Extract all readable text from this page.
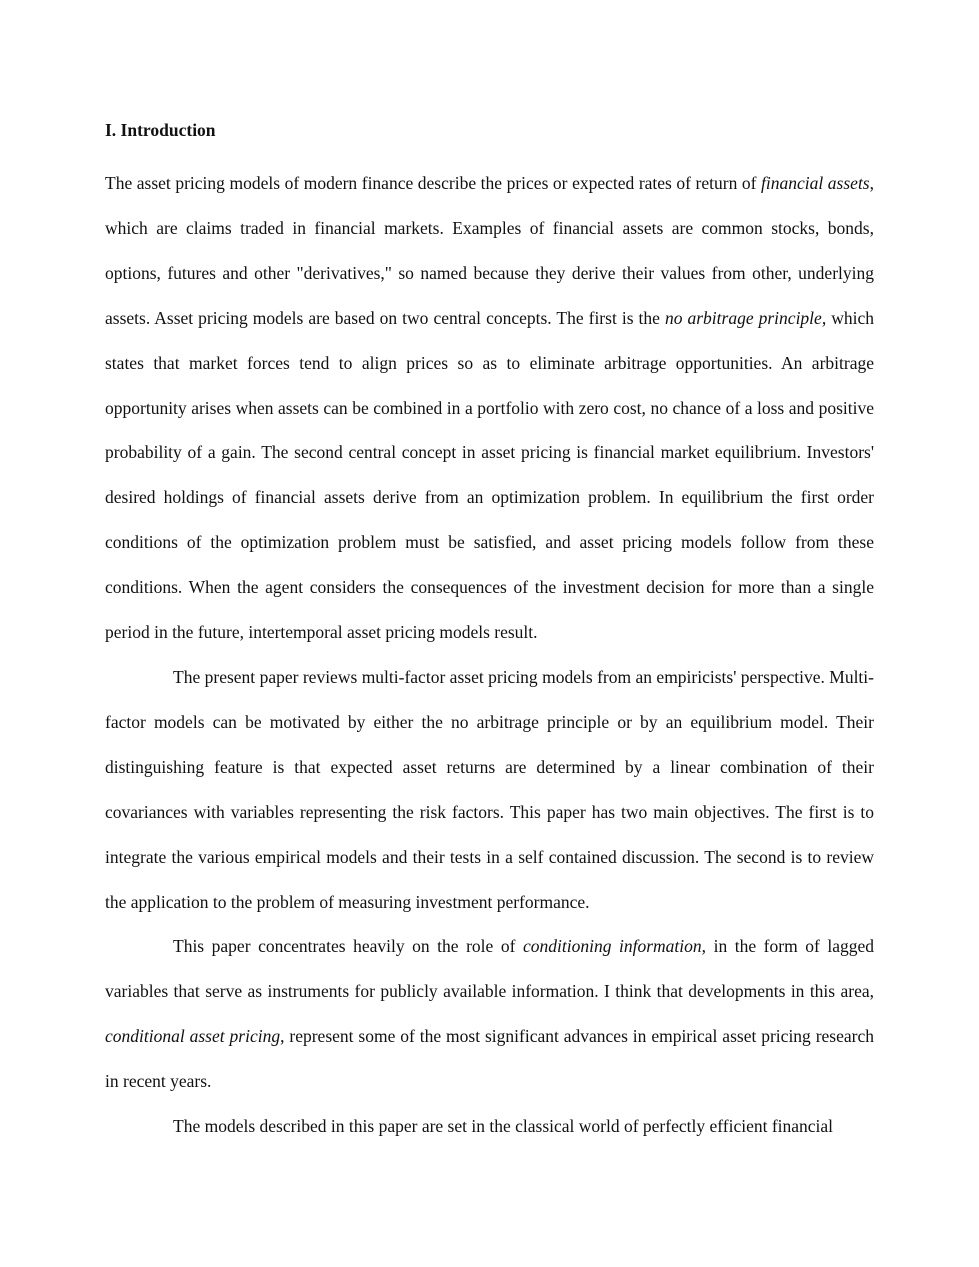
I. Introduction

The asset pricing models of modern finance describe the prices or expected rates of return of financial assets, which are claims traded in financial markets. Examples of financial assets are common stocks, bonds, options, futures and other "derivatives," so named because they derive their values from other, underlying assets. Asset pricing models are based on two central concepts. The first is the no arbitrage principle, which states that market forces tend to align prices so as to eliminate arbitrage opportunities. An arbitrage opportunity arises when assets can be combined in a portfolio with zero cost, no chance of a loss and positive probability of a gain. The second central concept in asset pricing is financial market equilibrium. Investors' desired holdings of financial assets derive from an optimization problem. In equilibrium the first order conditions of the optimization problem must be satisfied, and asset pricing models follow from these conditions. When the agent considers the consequences of the investment decision for more than a single period in the future, intertemporal asset pricing models result.

The present paper reviews multi-factor asset pricing models from an empiricists' perspective. Multi-factor models can be motivated by either the no arbitrage principle or by an equilibrium model. Their distinguishing feature is that expected asset returns are determined by a linear combination of their covariances with variables representing the risk factors. This paper has two main objectives. The first is to integrate the various empirical models and their tests in a self contained discussion. The second is to review the application to the problem of measuring investment performance.

This paper concentrates heavily on the role of conditioning information, in the form of lagged variables that serve as instruments for publicly available information. I think that developments in this area, conditional asset pricing, represent some of the most significant advances in empirical asset pricing research in recent years.

The models described in this paper are set in the classical world of perfectly efficient financial
